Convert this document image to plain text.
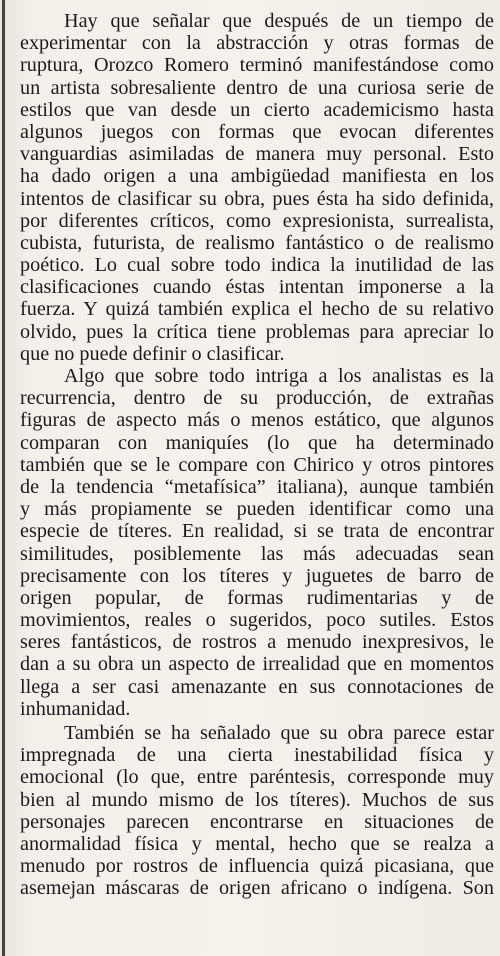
Hay que señalar que después de un tiempo de
experimentar con la abstracción y otras formas de
ruptura, Orozco Romero terminó manifestándose como
un artista sobresaliente dentro de una curiosa serie de
estilos que van desde un cierto academicismo hasta
algunos juegos con formas que evocan diferentes
vanguardias asimiladas de manera muy personal. Esto
ha dado origen a una ambigüedad manifiesta en los
intentos de clasificar su obra, pues ésta ha sido definida,
por diferentes críticos, como expresionista, surrealista,
cubista, futurista, de realismo fantástico o de realismo
poético. Lo cual sobre todo indica la inutilidad de las
clasificaciones cuando éstas intentan imponerse a la
fuerza. Y quizá también explica el hecho de su relativo
olvido, pues la crítica tiene problemas para apreciar lo
que no puede definir o clasificar.
Algo que sobre todo intriga a los analistas es la
recurrencia, dentro de su producción, de extrañas
figuras de aspecto más o menos estático, que algunos
comparan con maniquíes (lo que ha determinado
también que se le compare con Chirico y otros pintores
de la tendencia “metafísica” italiana), aunque también
y más propiamente se pueden identificar como una
especie de títeres. En realidad, si se trata de encontrar
similitudes, posiblemente las más adecuadas sean
precisamente con los títeres y juguetes de barro de
origen popular, de formas rudimentarias y de
movimientos, reales o sugeridos, poco sutiles. Estos
seres fantásticos, de rostros a menudo inexpresivos, le
dan a su obra un aspecto de irrealidad que en momentos
llega a ser casi amenazante en sus connotaciones de
inhumanidad.
También se ha señalado que su obra parece estar
impregnada de una cierta inestabilidad física y
emocional (lo que, entre paréntesis, corresponde muy
bien al mundo mismo de los títeres). Muchos de sus
personajes parecen encontrarse en situaciones de
anormalidad física y mental, hecho que se realza a
menudo por rostros de influencia quizá picasiana, que
asemejan máscaras de origen africano o indígena. Son
